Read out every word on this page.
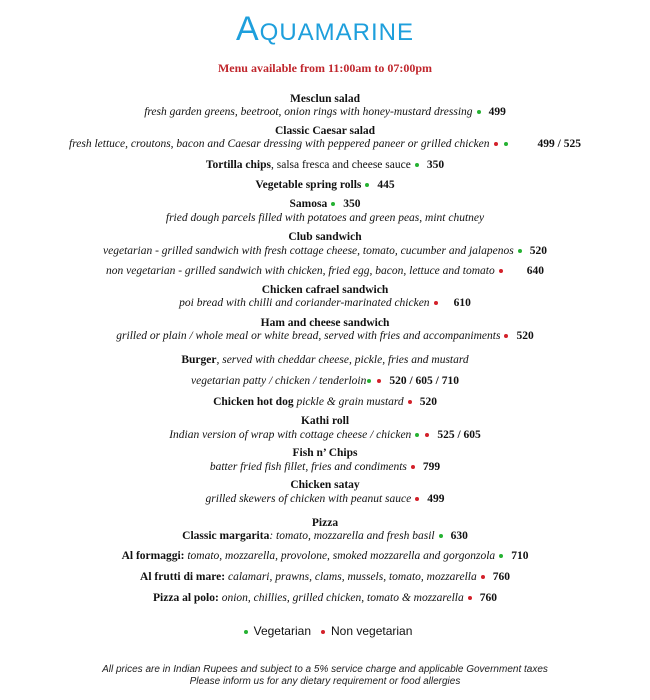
Aquamarine
Menu available from 11:00am to 07:00pm
Mesclun salad
fresh garden greens, beetroot, onion rings with honey-mustard dressing 499
Classic Caesar salad
fresh lettuce, croutons, bacon and Caesar dressing with peppered paneer or grilled chicken	499 / 525
Tortilla chips, salsa fresca and cheese sauce 350
Vegetable spring rolls 445
Samosa 350
fried dough parcels filled with potatoes and green peas, mint chutney
Club sandwich
vegetarian - grilled sandwich with fresh cottage cheese, tomato, cucumber and jalapenos 520
non vegetarian - grilled sandwich with chicken, fried egg, bacon, lettuce and tomato	640
Chicken cafrael sandwich
poi bread with chilli and coriander-marinated chicken 610
Ham and cheese sandwich
grilled or plain / whole meal or white bread, served with fries and accompaniments 520
Burger, served with cheddar cheese, pickle, fries and mustard
vegetarian patty / chicken / tenderloin 520 / 605 / 710
Chicken hot dog pickle & grain mustard 520
Kathi roll
Indian version of wrap with cottage cheese / chicken 525 / 605
Fish n’ Chips
batter fried fish fillet, fries and condiments 799
Chicken satay
grilled skewers of chicken with peanut sauce 499
Pizza
Classic margarita: tomato, mozzarella and fresh basil 630
Al formaggi: tomato, mozzarella, provolone, smoked mozzarella and gorgonzola 710
Al frutti di mare: calamari, prawns, clams, mussels, tomato, mozzarella 760
Pizza al polo: onion, chillies, grilled chicken, tomato & mozzarella 760
Vegetarian Non vegetarian
All prices are in Indian Rupees and subject to a 5% service charge and applicable Government taxes
Please inform us for any dietary requirement or food allergies
